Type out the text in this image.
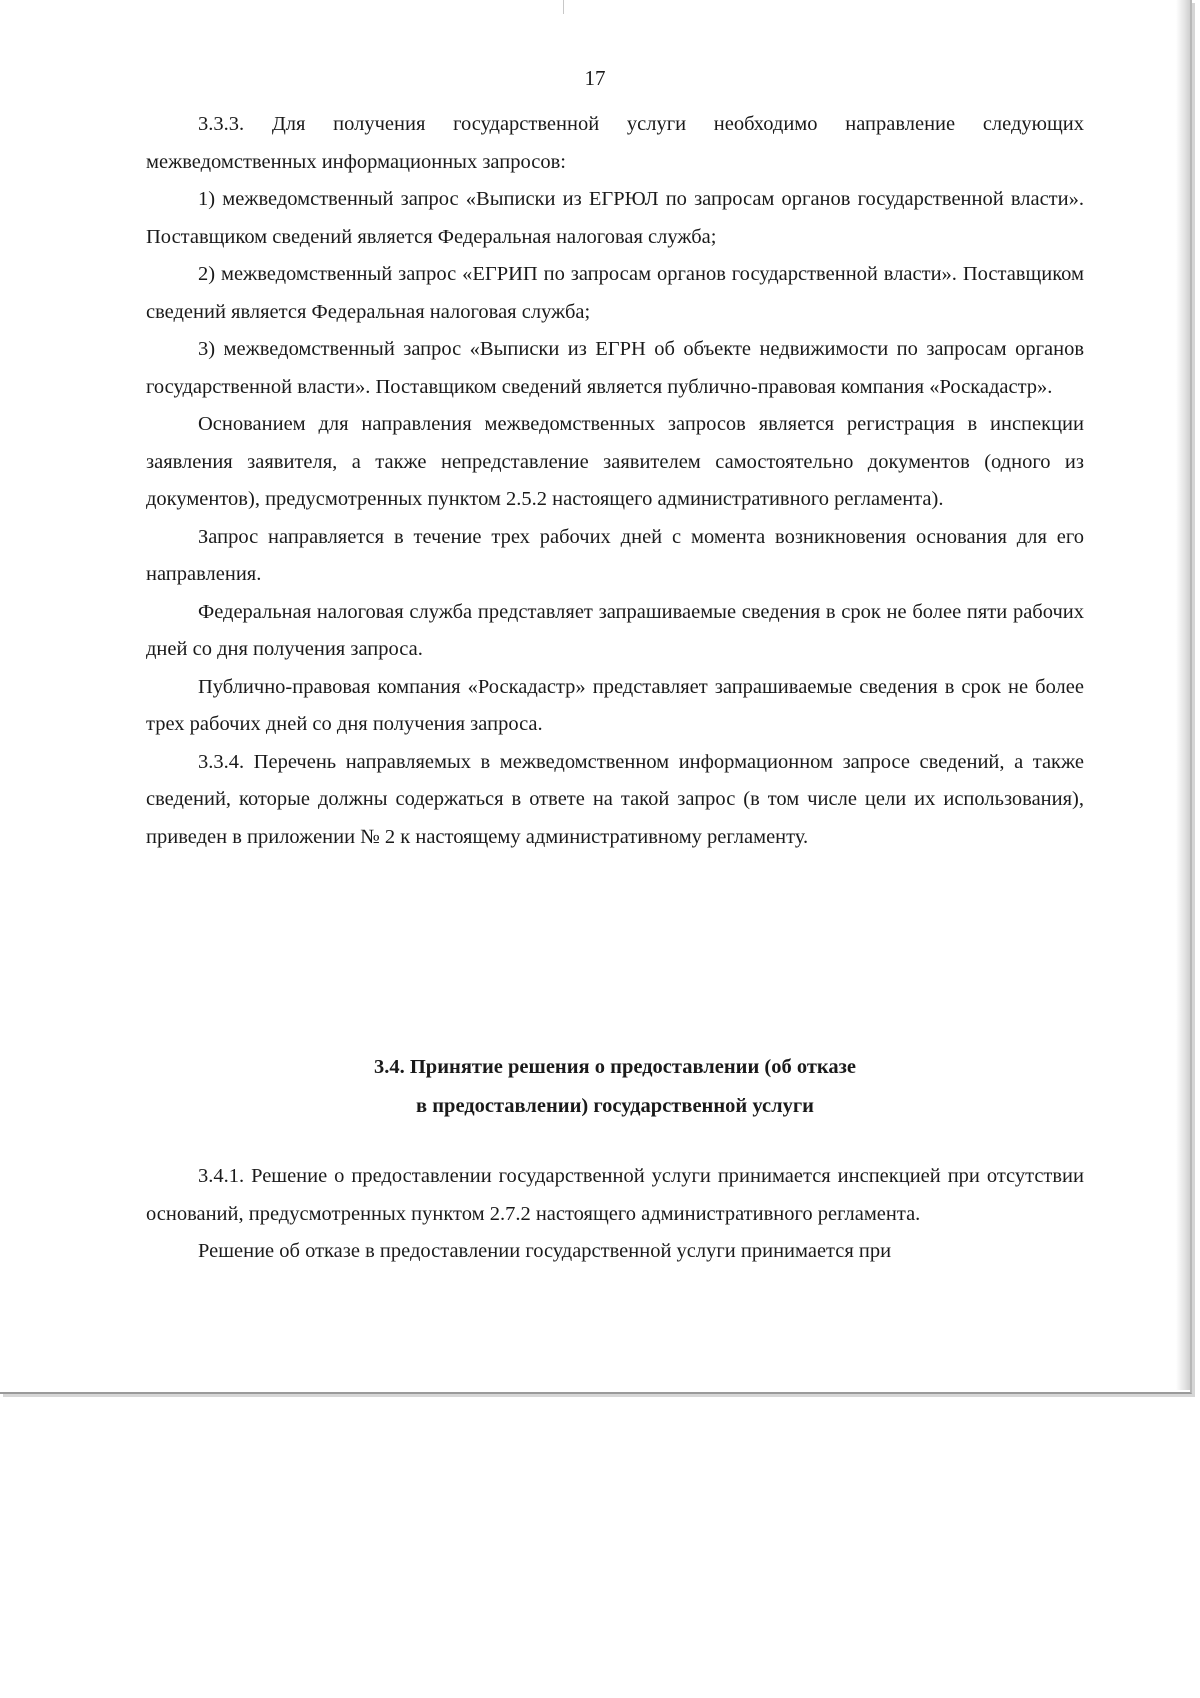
17

3.3.3. Для получения государственной услуги необходимо направление следующих межведомственных информационных запросов:

1) межведомственный запрос «Выписки из ЕГРЮЛ по запросам органов государственной власти». Поставщиком сведений является Федеральная налоговая служба;

2) межведомственный запрос «ЕГРИП по запросам органов государственной власти». Поставщиком сведений является Федеральная налоговая служба;

3) межведомственный запрос «Выписки из ЕГРН об объекте недвижимости по запросам органов государственной власти». Поставщиком сведений является публично-правовая компания «Роскадастр».

Основанием для направления межведомственных запросов является регистрация в инспекции заявления заявителя, а также непредставление заявителем самостоятельно документов (одного из документов), предусмотренных пунктом 2.5.2 настоящего административного регламента).

Запрос направляется в течение трех рабочих дней с момента возникновения основания для его направления.

Федеральная налоговая служба представляет запрашиваемые сведения в срок не более пяти рабочих дней со дня получения запроса.

Публично-правовая компания «Роскадастр» представляет запрашиваемые сведения в срок не более трех рабочих дней со дня получения запроса.

3.3.4. Перечень направляемых в межведомственном информационном запросе сведений, а также сведений, которые должны содержаться в ответе на такой запрос (в том числе цели их использования), приведен в приложении № 2 к настоящему административному регламенту.

3.4. Принятие решения о предоставлении (об отказе
в предоставлении) государственной услуги

3.4.1. Решение о предоставлении государственной услуги принимается инспекцией при отсутствии оснований, предусмотренных пунктом 2.7.2 настоящего административного регламента.

Решение об отказе в предоставлении государственной услуги принимается при
